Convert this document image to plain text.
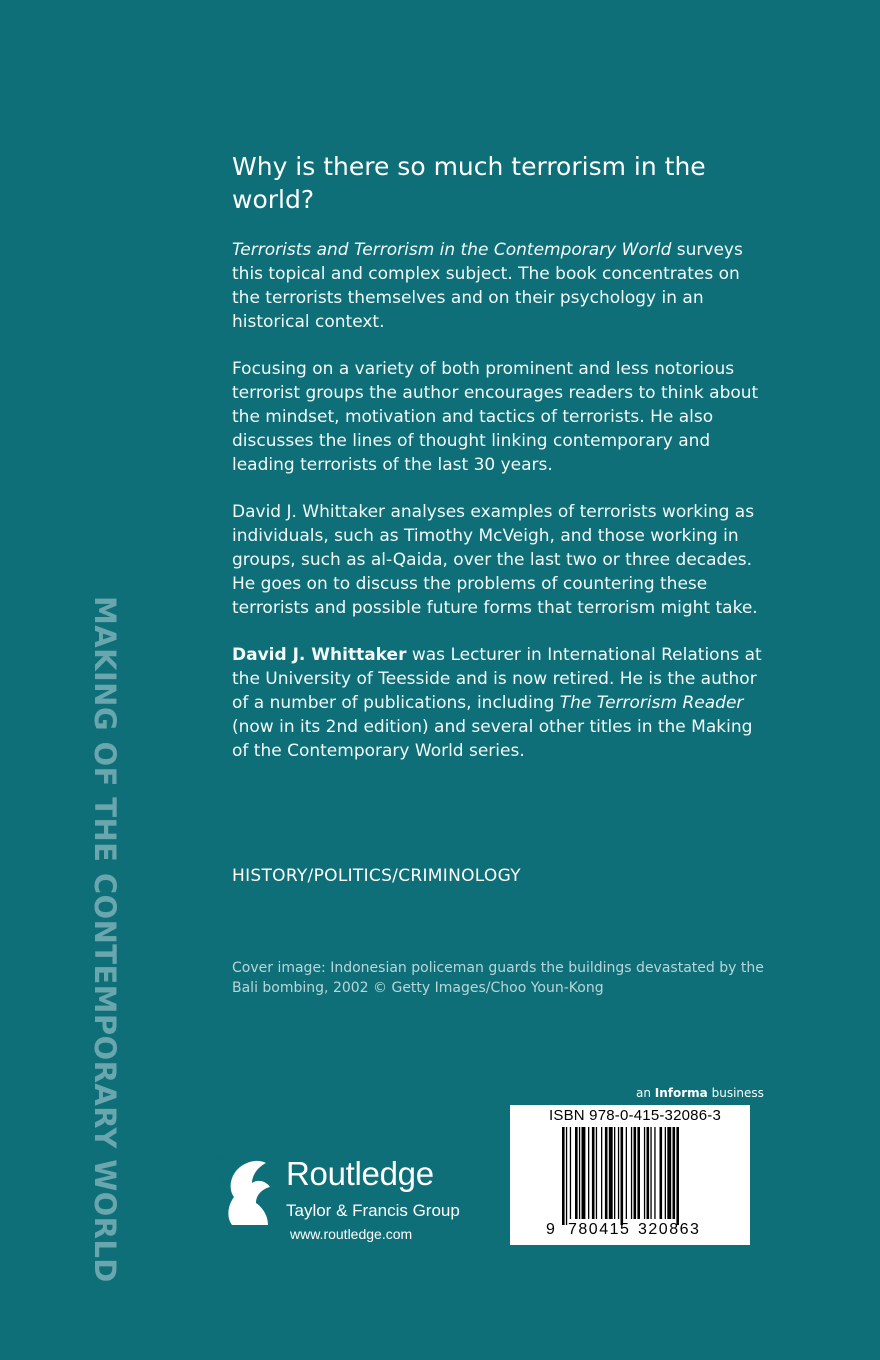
MAKING OF THE CONTEMPORARY WORLD
Why is there so much terrorism in the world?

Terrorists and Terrorism in the Contemporary World surveys this topical and complex subject. The book concentrates on the terrorists themselves and on their psychology in an historical context.

Focusing on a variety of both prominent and less notorious terrorist groups the author encourages readers to think about the mindset, motivation and tactics of terrorists. He also discusses the lines of thought linking contemporary and leading terrorists of the last 30 years.

David J. Whittaker analyses examples of terrorists working as individuals, such as Timothy McVeigh, and those working in groups, such as al-Qaida, over the last two or three decades. He goes on to discuss the problems of countering these terrorists and possible future forms that terrorism might take.

David J. Whittaker was Lecturer in International Relations at the University of Teesside and is now retired. He is the author of a number of publications, including The Terrorism Reader (now in its 2nd edition) and several other titles in the Making of the Contemporary World series.

HISTORY/POLITICS/CRIMINOLOGY
Cover image: Indonesian policeman guards the buildings devastated by the Bali bombing, 2002 © Getty Images/Choo Youn-Kong
an Informa business
ISBN 978-0-415-32086-3
9 780415 320863
ROUTLEDGE Routledge
Taylor & Francis Group
www.routledge.com
